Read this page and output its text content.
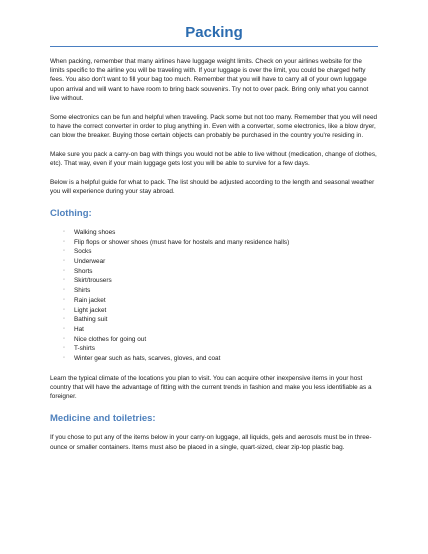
Packing

When packing, remember that many airlines have luggage weight limits. Check on your airlines website for the limits specific to the airline you will be traveling with. If your luggage is over the limit, you could be charged hefty fees. You also don't want to fill your bag too much. Remember that you will have to carry all of your own luggage upon arrival and will want to have room to bring back souvenirs. Try not to over pack. Bring only what you cannot live without.

Some electronics can be fun and helpful when traveling. Pack some but not too many. Remember that you will need to have the correct converter in order to plug anything in. Even with a converter, some electronics, like a blow dryer, can blow the breaker. Buying those certain objects can probably be purchased in the country you're residing in.

Make sure you pack a carry-on bag with things you would not be able to live without (medication, change of clothes, etc). That way, even if your main luggage gets lost you will be able to survive for a few days.

Below is a helpful guide for what to pack. The list should be adjusted according to the length and seasonal weather you will experience during your stay abroad.

Clothing:
◦ Walking shoes
◦ Flip flops or shower shoes (must have for hostels and many residence halls)
◦ Socks
◦ Underwear
◦ Shorts
◦ Skirt/trousers
◦ Shirts
◦ Rain jacket
◦ Light jacket
◦ Bathing suit
◦ Hat
◦ Nice clothes for going out
◦ T-shirts
◦ Winter gear such as hats, scarves, gloves, and coat

Learn the typical climate of the locations you plan to visit. You can acquire other inexpensive items in your host country that will have the advantage of fitting with the current trends in fashion and make you less identifiable as a foreigner.

Medicine and toiletries:

If you chose to put any of the items below in your carry-on luggage, all liquids, gels and aerosols must be in three-ounce or smaller containers. Items must also be placed in a single, quart-sized, clear zip-top plastic bag.
